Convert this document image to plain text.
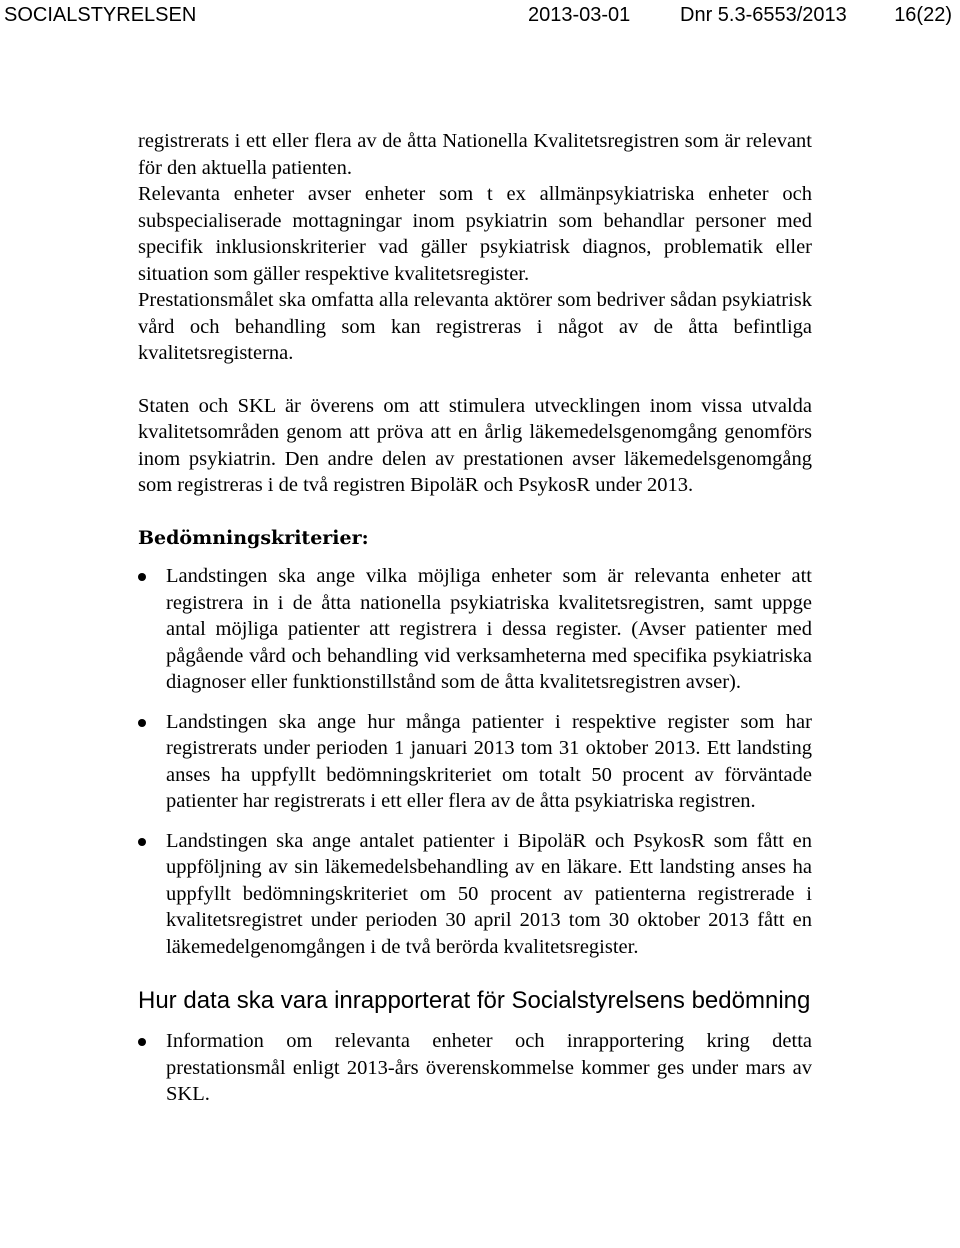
SOCIALSTYRELSEN	2013-03-01 Dnr 5.3-6553/2013 16(22)

registrerats i ett eller flera av de åtta Nationella Kvalitetsregistren som är relevant för den aktuella patienten.

Relevanta enheter avser enheter som t ex allmänpsykiatriska enheter och subspecialiserade mottagningar inom psykiatrin som behandlar personer med specifik inklusionskriterier vad gäller psykiatrisk diagnos, problematik eller situation som gäller respektive kvalitetsregister.

Prestationsmålet ska omfatta alla relevanta aktörer som bedriver sådan psykiatrisk vård och behandling som kan registreras i något av de åtta befintliga kvalitetsregisterna.

Staten och SKL är överens om att stimulera utvecklingen inom vissa utvalda kvalitetsområden genom att pröva att en årlig läkemedelsgenomgång genomförs inom psykiatrin. Den andre delen av prestationen avser läkemedelsgenomgång som registreras i de två registren BipoläR och PsykosR under 2013.

Bedömningskriterier:
Landstingen ska ange vilka möjliga enheter som är relevanta enheter att registrera in i de åtta nationella psykiatriska kvalitetsregistren, samt uppge antal möjliga patienter att registrera i dessa register. (Avser patienter med pågående vård och behandling vid verksamheterna med specifika psykiatriska diagnoser eller funktionstillstånd som de åtta kvalitetsregistren avser).
Landstingen ska ange hur många patienter i respektive register som har registrerats under perioden 1 januari 2013 tom 31 oktober 2013. Ett landsting anses ha uppfyllt bedömningskriteriet om totalt 50 procent av förväntade patienter har registrerats i ett eller flera av de åtta psykiatriska registren.
Landstingen ska ange antalet patienter i BipoläR och PsykosR som fått en uppföljning av sin läkemedelsbehandling av en läkare. Ett landsting anses ha uppfyllt bedömningskriteriet om 50 procent av patienterna registrerade i kvalitetsregistret under perioden 30 april 2013 tom 30 oktober 2013 fått en läkemedelgenomgången i de två berörda kvalitetsregister.
Hur data ska vara inrapporterat för Socialstyrelsens bedömning
Information om relevanta enheter och inrapportering kring detta prestationsmål enligt 2013-års överenskommelse kommer ges under mars av SKL.
